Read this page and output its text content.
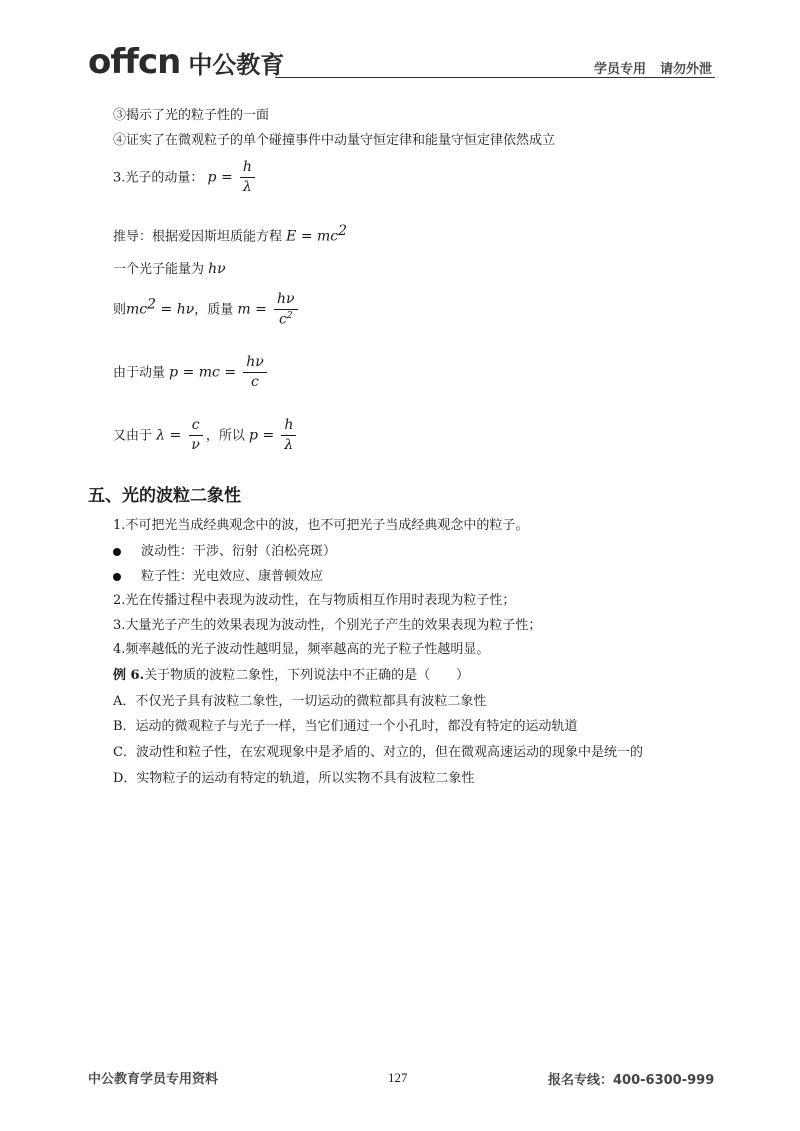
offcn 中公教育	学员专用 请勿外泄
③揭示了光的粒子性的一面
④证实了在微观粒子的单个碰撞事件中动量守恒定律和能量守恒定律依然成立
3.光子的动量： $p = \frac{h}{\lambda}$
推导：根据爱因斯坦质能方程 $E = mc^2$
一个光子能量为 hν
则$mc^2 = h\nu$，质量 $m = \frac{h\nu}{c^2}$
由于动量 p = mc = $\frac{h\nu}{c}$
又由于 $\lambda = \frac{c}{\nu}$ ，所以 $p = \frac{h}{\lambda}$
五、光的波粒二象性
1.不可把光当成经典观念中的波，也不可把光子当成经典观念中的粒子。
波动性：干涉、衍射（泊松亮斑）
粒子性：光电效应、康普顿效应
2.光在传播过程中表现为波动性，在与物质相互作用时表现为粒子性；
3.大量光子产生的效果表现为波动性，个别光子产生的效果表现为粒子性；
4.频率越低的光子波动性越明显，频率越高的光子粒子性越明显。
例 6.关于物质的波粒二象性，下列说法中不正确的是（　　）
A．不仅光子具有波粒二象性，一切运动的微粒都具有波粒二象性
B．运动的微观粒子与光子一样，当它们通过一个小孔时，都没有特定的运动轨道
C．波动性和粒子性，在宏观现象中是矛盾的、对立的，但在微观高速运动的现象中是统一的
D．实物粒子的运动有特定的轨道，所以实物不具有波粒二象性
中公教育学员专用资料	127	报名专线：400-6300-999
